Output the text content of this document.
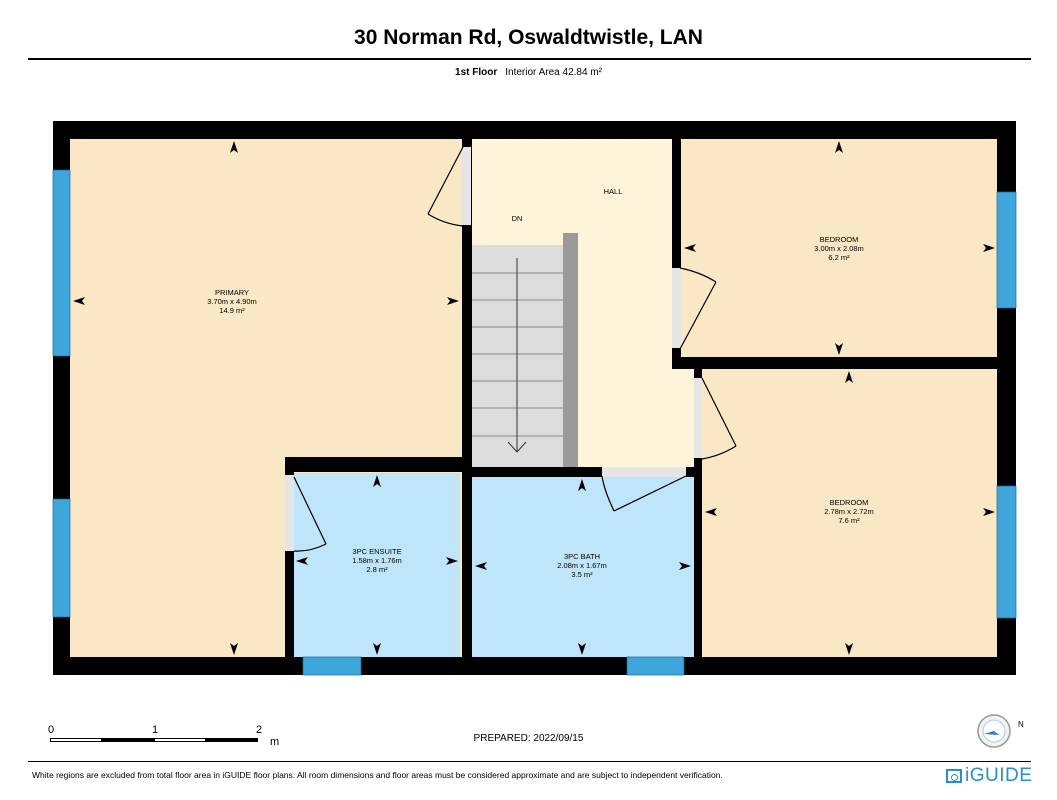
30 Norman Rd, Oswaldtwistle, LAN
1st Floor Interior Area 42.84 m²
PRIMARY
3.70m x 4.90m
14.9 m²
HALL
DN
BEDROOM
3.00m x 2.08m
6.2 m²
BEDROOM
2.78m x 2.72m
7.6 m²
3PC ENSUITE
1.58m x 1.76m
2.8 m²
3PC BATH
2.08m x 1.67m
3.5 m²
0	1	2
m	PREPARED: 2022/09/15
N
White regions are excluded from total floor area in iGUIDE floor plans. All room dimensions and floor areas must be considered approximate and are subject to independent verification.	iGUIDE
